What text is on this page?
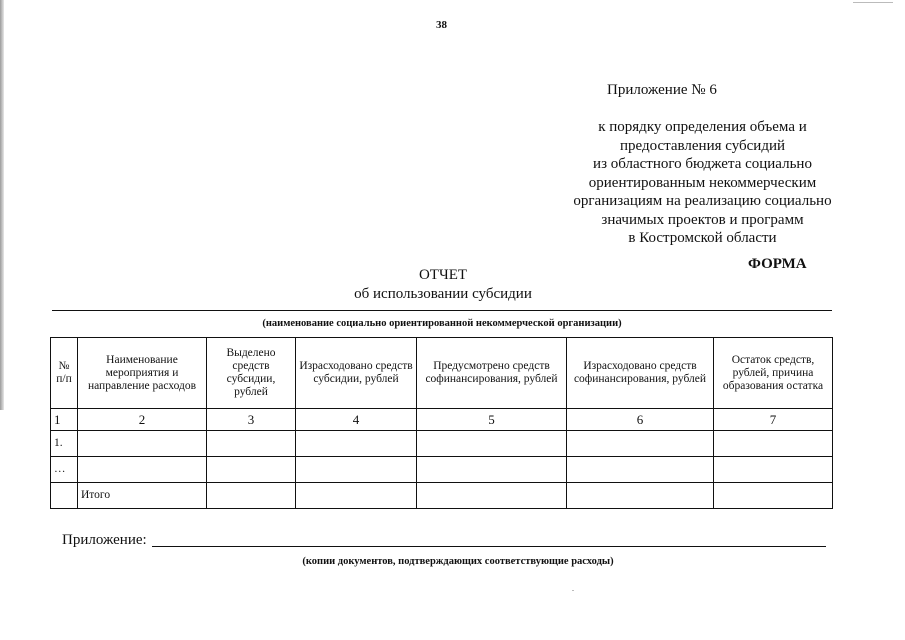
38
Приложение № 6
к порядку определения объема и
предоставления субсидий
из областного бюджета социально
ориентированным некоммерческим
организациям на реализацию социально
значимых проектов и программ
в Костромской области
ФОРМА
ОТЧЕТ
об использовании субсидии
(наименование социально ориентированной некоммерческой организации)
№ п/п	Наименование мероприятия и направление расходов	Выделено средств субсидии, рублей	Израсходовано средств субсидии, рублей	Предусмотрено средств софинансирования, рублей	Израсходовано средств софинансирования, рублей	Остаток средств, рублей, причина образования остатка
1	2	3	4	5	6	7
1.						
…						
	Итого					
Приложение:
(копии документов, подтверждающих соответствующие расходы)
